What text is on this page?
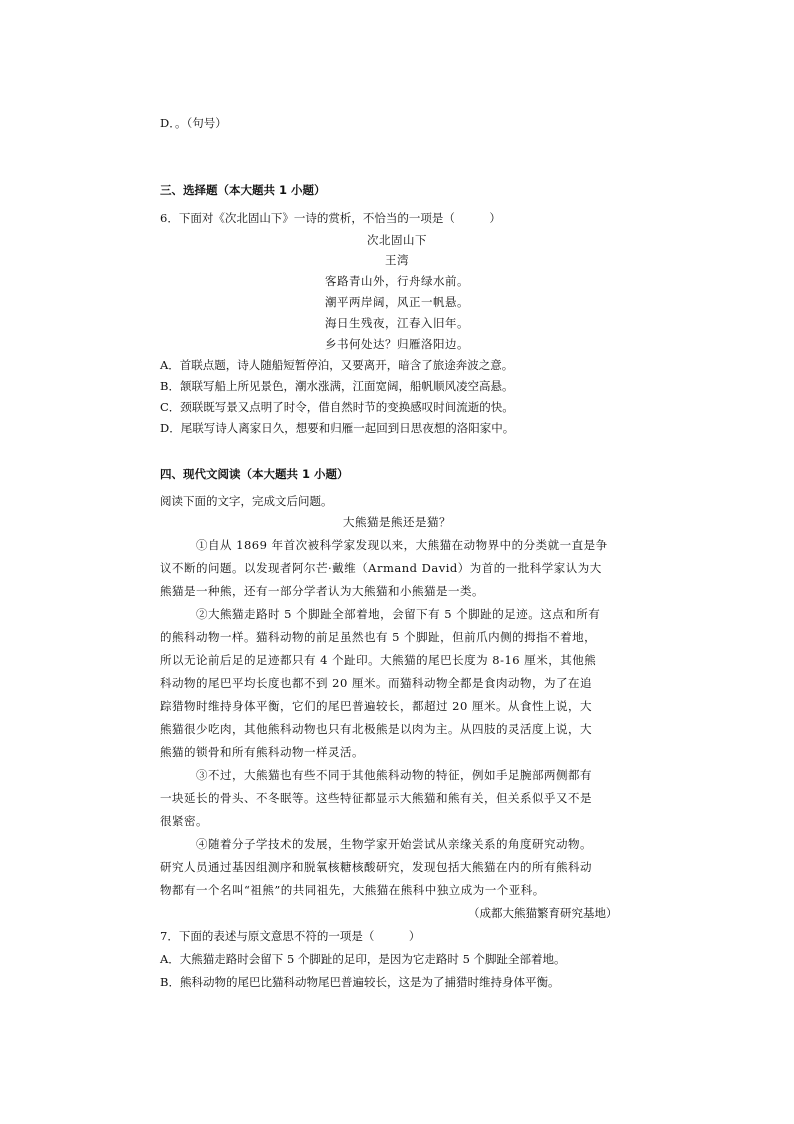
D．。（句号）
三、选择题（本大题共 1 小题）
6．下面对《次北固山下》一诗的赏析，不恰当的一项是（　　　）
次北固山下
王湾
客路青山外，行舟绿水前。
潮平两岸阔，风正一帆悬。
海日生残夜，江春入旧年。
乡书何处达？归雁洛阳边。
A．首联点题，诗人随船短暂停泊，又要离开，暗含了旅途奔波之意。
B．颔联写船上所见景色，潮水涨满，江面宽阔，船帆顺风凌空高悬。
C．颈联既写景又点明了时令，借自然时节的变换感叹时间流逝的快。
D．尾联写诗人离家日久，想要和归雁一起回到日思夜想的洛阳家中。
四、现代文阅读（本大题共 1 小题）
阅读下面的文字，完成文后问题。
大熊猫是熊还是猫？
①自从 1869 年首次被科学家发现以来，大熊猫在动物界中的分类就一直是争
议不断的问题。以发现者阿尔芒·戴维（Armand David）为首的一批科学家认为大
熊猫是一种熊，还有一部分学者认为大熊猫和小熊猫是一类。
②大熊猫走路时 5 个脚趾全部着地，会留下有 5 个脚趾的足迹。这点和所有
的熊科动物一样。猫科动物的前足虽然也有 5 个脚趾，但前爪内侧的拇指不着地，
所以无论前后足的足迹都只有 4 个趾印。大熊猫的尾巴长度为 8-16 厘米，其他熊
科动物的尾巴平均长度也都不到 20 厘米。而猫科动物全都是食肉动物，为了在追
踪猎物时维持身体平衡，它们的尾巴普遍较长，都超过 20 厘米。从食性上说，大
熊猫很少吃肉，其他熊科动物也只有北极熊是以肉为主。从四肢的灵活度上说，大
熊猫的锁骨和所有熊科动物一样灵活。
③不过，大熊猫也有些不同于其他熊科动物的特征，例如手足腕部两侧都有
一块延长的骨头、不冬眠等。这些特征都显示大熊猫和熊有关，但关系似乎又不是
很紧密。
④随着分子学技术的发展，生物学家开始尝试从亲缘关系的角度研究动物。
研究人员通过基因组测序和脱氧核糖核酸研究，发现包括大熊猫在内的所有熊科动
物都有一个名叫“祖熊”的共同祖先，大熊猫在熊科中独立成为一个亚科。
（成都大熊猫繁育研究基地）
7．下面的表述与原文意思不符的一项是（　　　）
A．大熊猫走路时会留下 5 个脚趾的足印，是因为它走路时 5 个脚趾全部着地。
B．熊科动物的尾巴比猫科动物尾巴普遍较长，这是为了捕猎时维持身体平衡。
